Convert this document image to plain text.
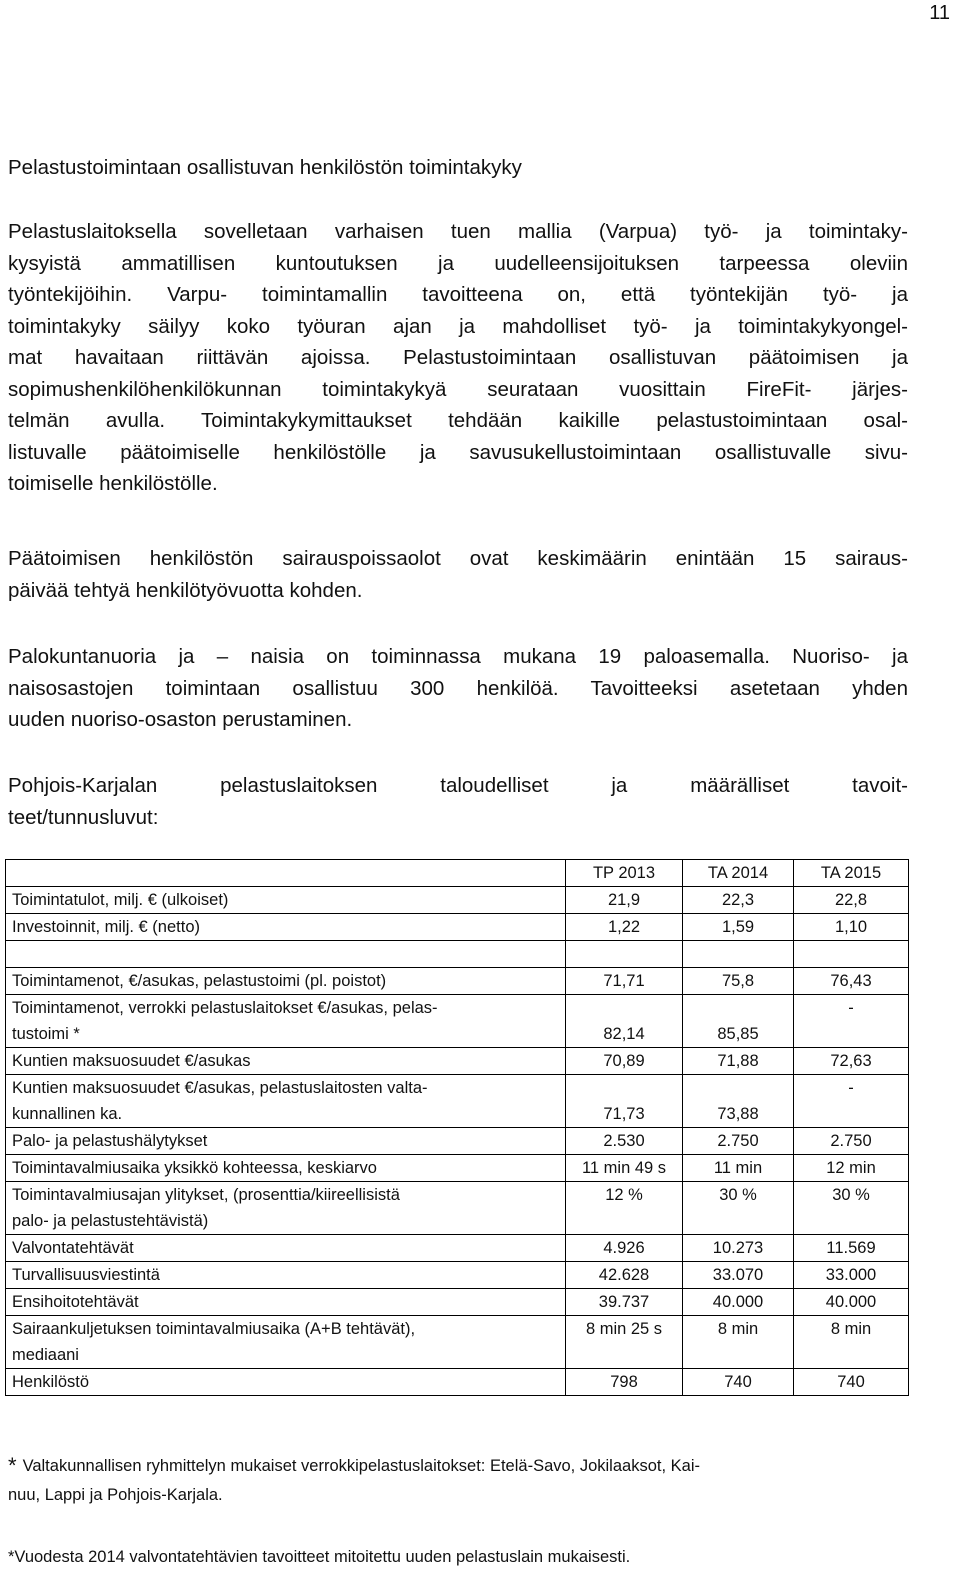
11

Pelastustoimintaan osallistuvan henkilöstön toimintakyky

Pelastuslaitoksella sovelletaan varhaisen tuen mallia (Varpua) työ- ja toimintaky-
kysyistä ammatillisen kuntoutuksen ja uudelleensijoituksen tarpeessa oleviin
työntekijöihin. Varpu- toimintamallin tavoitteena on, että työntekijän työ- ja
toimintakyky säilyy koko työuran ajan ja mahdolliset työ- ja toimintakykyongel-
mat havaitaan riittävän ajoissa. Pelastustoimintaan osallistuvan päätoimisen ja
sopimushenkilöhenkilökunnan toimintakykyä seurataan vuosittain FireFit- järjes-
telmän avulla. Toimintakykymittaukset tehdään kaikille pelastustoimintaan osal-
listuvalle päätoimiselle henkilöstölle ja savusukellustoimintaan osallistuvalle sivu-
toimiselle henkilöstölle.

Päätoimisen henkilöstön sairauspoissaolot ovat keskimäärin enintään 15 sairaus-
päivää tehtyä henkilötyövuotta kohden.

Palokuntanuoria ja – naisia on toiminnassa mukana 19 paloasemalla. Nuoriso- ja
naisosastojen toimintaan osallistuu 300 henkilöä. Tavoitteeksi asetetaan yhden
uuden nuoriso-osaston perustaminen.

Pohjois-Karjalan pelastuslaitoksen taloudelliset ja määrälliset tavoit-
teet/tunnusluvut:

	TP 2013	TA 2014	TA 2015

Toimintatulot, milj. € (ulkoiset)	21,9	22,3	22,8

Investoinnit, milj. € (netto)	1,22	1,59	1,10

Toimintamenot, €/asukas, pelastustoimi (pl. poistot)	71,71	75,8	76,43

Toimintamenot, verrokki pelastuslaitokset €/asukas, pelas-
tustoimi *	82,14	85,85	-

Kuntien maksuosuudet €/asukas	70,89	71,88	72,63

Kuntien maksuosuudet €/asukas, pelastuslaitosten valta-
kunnallinen ka.	71,73	73,88	-

Palo- ja pelastushälytykset	2.530	2.750	2.750

Toimintavalmiusaika yksikkö kohteessa, keskiarvo	11 min 49 s	11 min	12 min

Toimintavalmiusajan ylitykset, (prosenttia/kiireellisistä
palo- ja pelastustehtävistä)	12 %	30 %	30 %

Valvontatehtävät	4.926	10.273	11.569

Turvallisuusviestintä	42.628	33.070	33.000

Ensihoitotehtävät	39.737	40.000	40.000

Sairaankuljetuksen toimintavalmiusaika (A+B tehtävät),
mediaani	8 min 25 s	8 min	8 min

Henkilöstö	798	740	740
* Valtakunnallisen ryhmittelyn mukaiset verrokkipelastuslaitokset: Etelä-Savo, Jokilaaksot, Kai-
nuu, Lappi ja Pohjois-Karjala.
*Vuodesta 2014 valvontatehtävien tavoitteet mitoitettu uuden pelastuslain mukaisesti.
